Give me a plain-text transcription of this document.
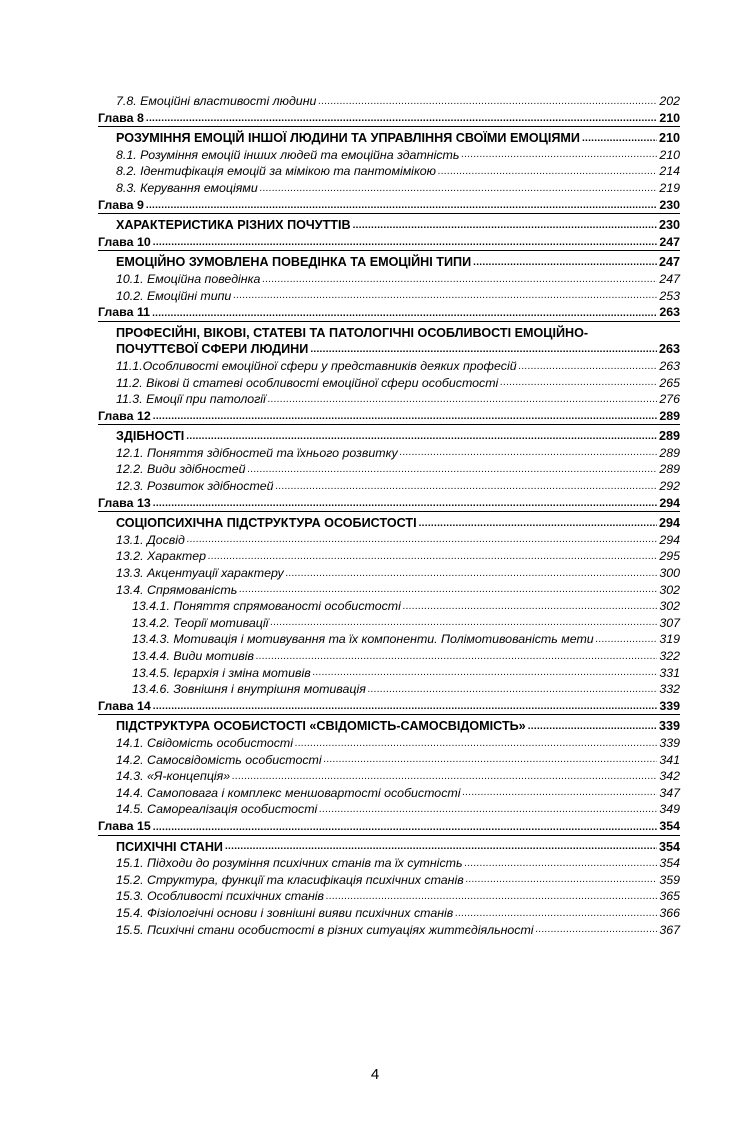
7.8. Емоційні властивості людини .....	202
Глава 8 .....	210
РОЗУМІННЯ ЕМОЦІЙ ІНШОЇ ЛЮДИНИ ТА УПРАВЛІННЯ СВОЇМИ ЕМОЦІЯМИ .....	210
8.1. Розуміння емоцій інших людей та емоційна здатність .....	210
8.2. Ідентифікація емоцій за мімікою та пантомімікою .....	214
8.3. Керування емоціями .....	219
Глава 9 .....	230
ХАРАКТЕРИСТИКА РІЗНИХ ПОЧУТТІВ .....	230
Глава 10 .....	247
ЕМОЦІЙНО ЗУМОВЛЕНА ПОВЕДІНКА ТА ЕМОЦІЙНІ ТИПИ .....	247
10.1. Емоційна поведінка .....	247
10.2. Емоційні типи .....	253
Глава 11 .....	263
ПРОФЕСІЙНІ, ВІКОВІ, СТАТЕВІ ТА ПАТОЛОГІЧНІ ОСОБЛИВОСТІ ЕМОЦІЙНО-
ПОЧУТТЄВОЇ СФЕРИ ЛЮДИНИ .....	263
11.1.Особливості емоційної сфери у представників деяких професій .....	263
11.2. Вікові й статеві особливості емоційної сфери особистості .....	265
11.3. Емоції при патології .....	276
Глава 12 .....	289
ЗДІБНОСТІ .....	289
12.1. Поняття здібностей та їхнього розвитку .....	289
12.2. Види здібностей .....	289
12.3. Розвиток здібностей .....	292
Глава 13 .....	294
СОЦІОПСИХІЧНА ПІДСТРУКТУРА ОСОБИСТОСТІ .....	294
13.1. Досвід .....	294
13.2. Характер .....	295
13.3. Акцентуації характеру .....	300
13.4. Спрямованість .....	302
13.4.1. Поняття спрямованості особистості .....	302
13.4.2. Теорії мотивації .....	307
13.4.3. Мотивація і мотивування та їх компоненти. Полімотивованість мети .....	319
13.4.4. Види мотивів .....	322
13.4.5. Ієрархія і зміна мотивів .....	331
13.4.6. Зовнішня і внутрішня мотивація .....	332
Глава 14 .....	339
ПІДСТРУКТУРА ОСОБИСТОСТІ «СВІДОМІСТЬ-САМОСВІДОМІСТЬ» .....	339
14.1. Свідомість особистості .....	339
14.2. Самосвідомість особистості .....	341
14.3. «Я-концепція» .....	342
14.4. Самоповага і комплекс меншовартості особистості .....	347
14.5. Самореалізація особистості .....	349
Глава 15 .....	354
ПСИХІЧНІ СТАНИ .....	354
15.1. Підходи до розуміння психічних станів та їх сутність .....	354
15.2. Структура, функції та класифікація психічних станів .....	359
15.3. Особливості психічних станів .....	365
15.4. Фізіологічні основи і зовнішні вияви психічних станів .....	366
15.5. Психічні стани особистості в різних ситуаціях життєдіяльності .....	367
4
